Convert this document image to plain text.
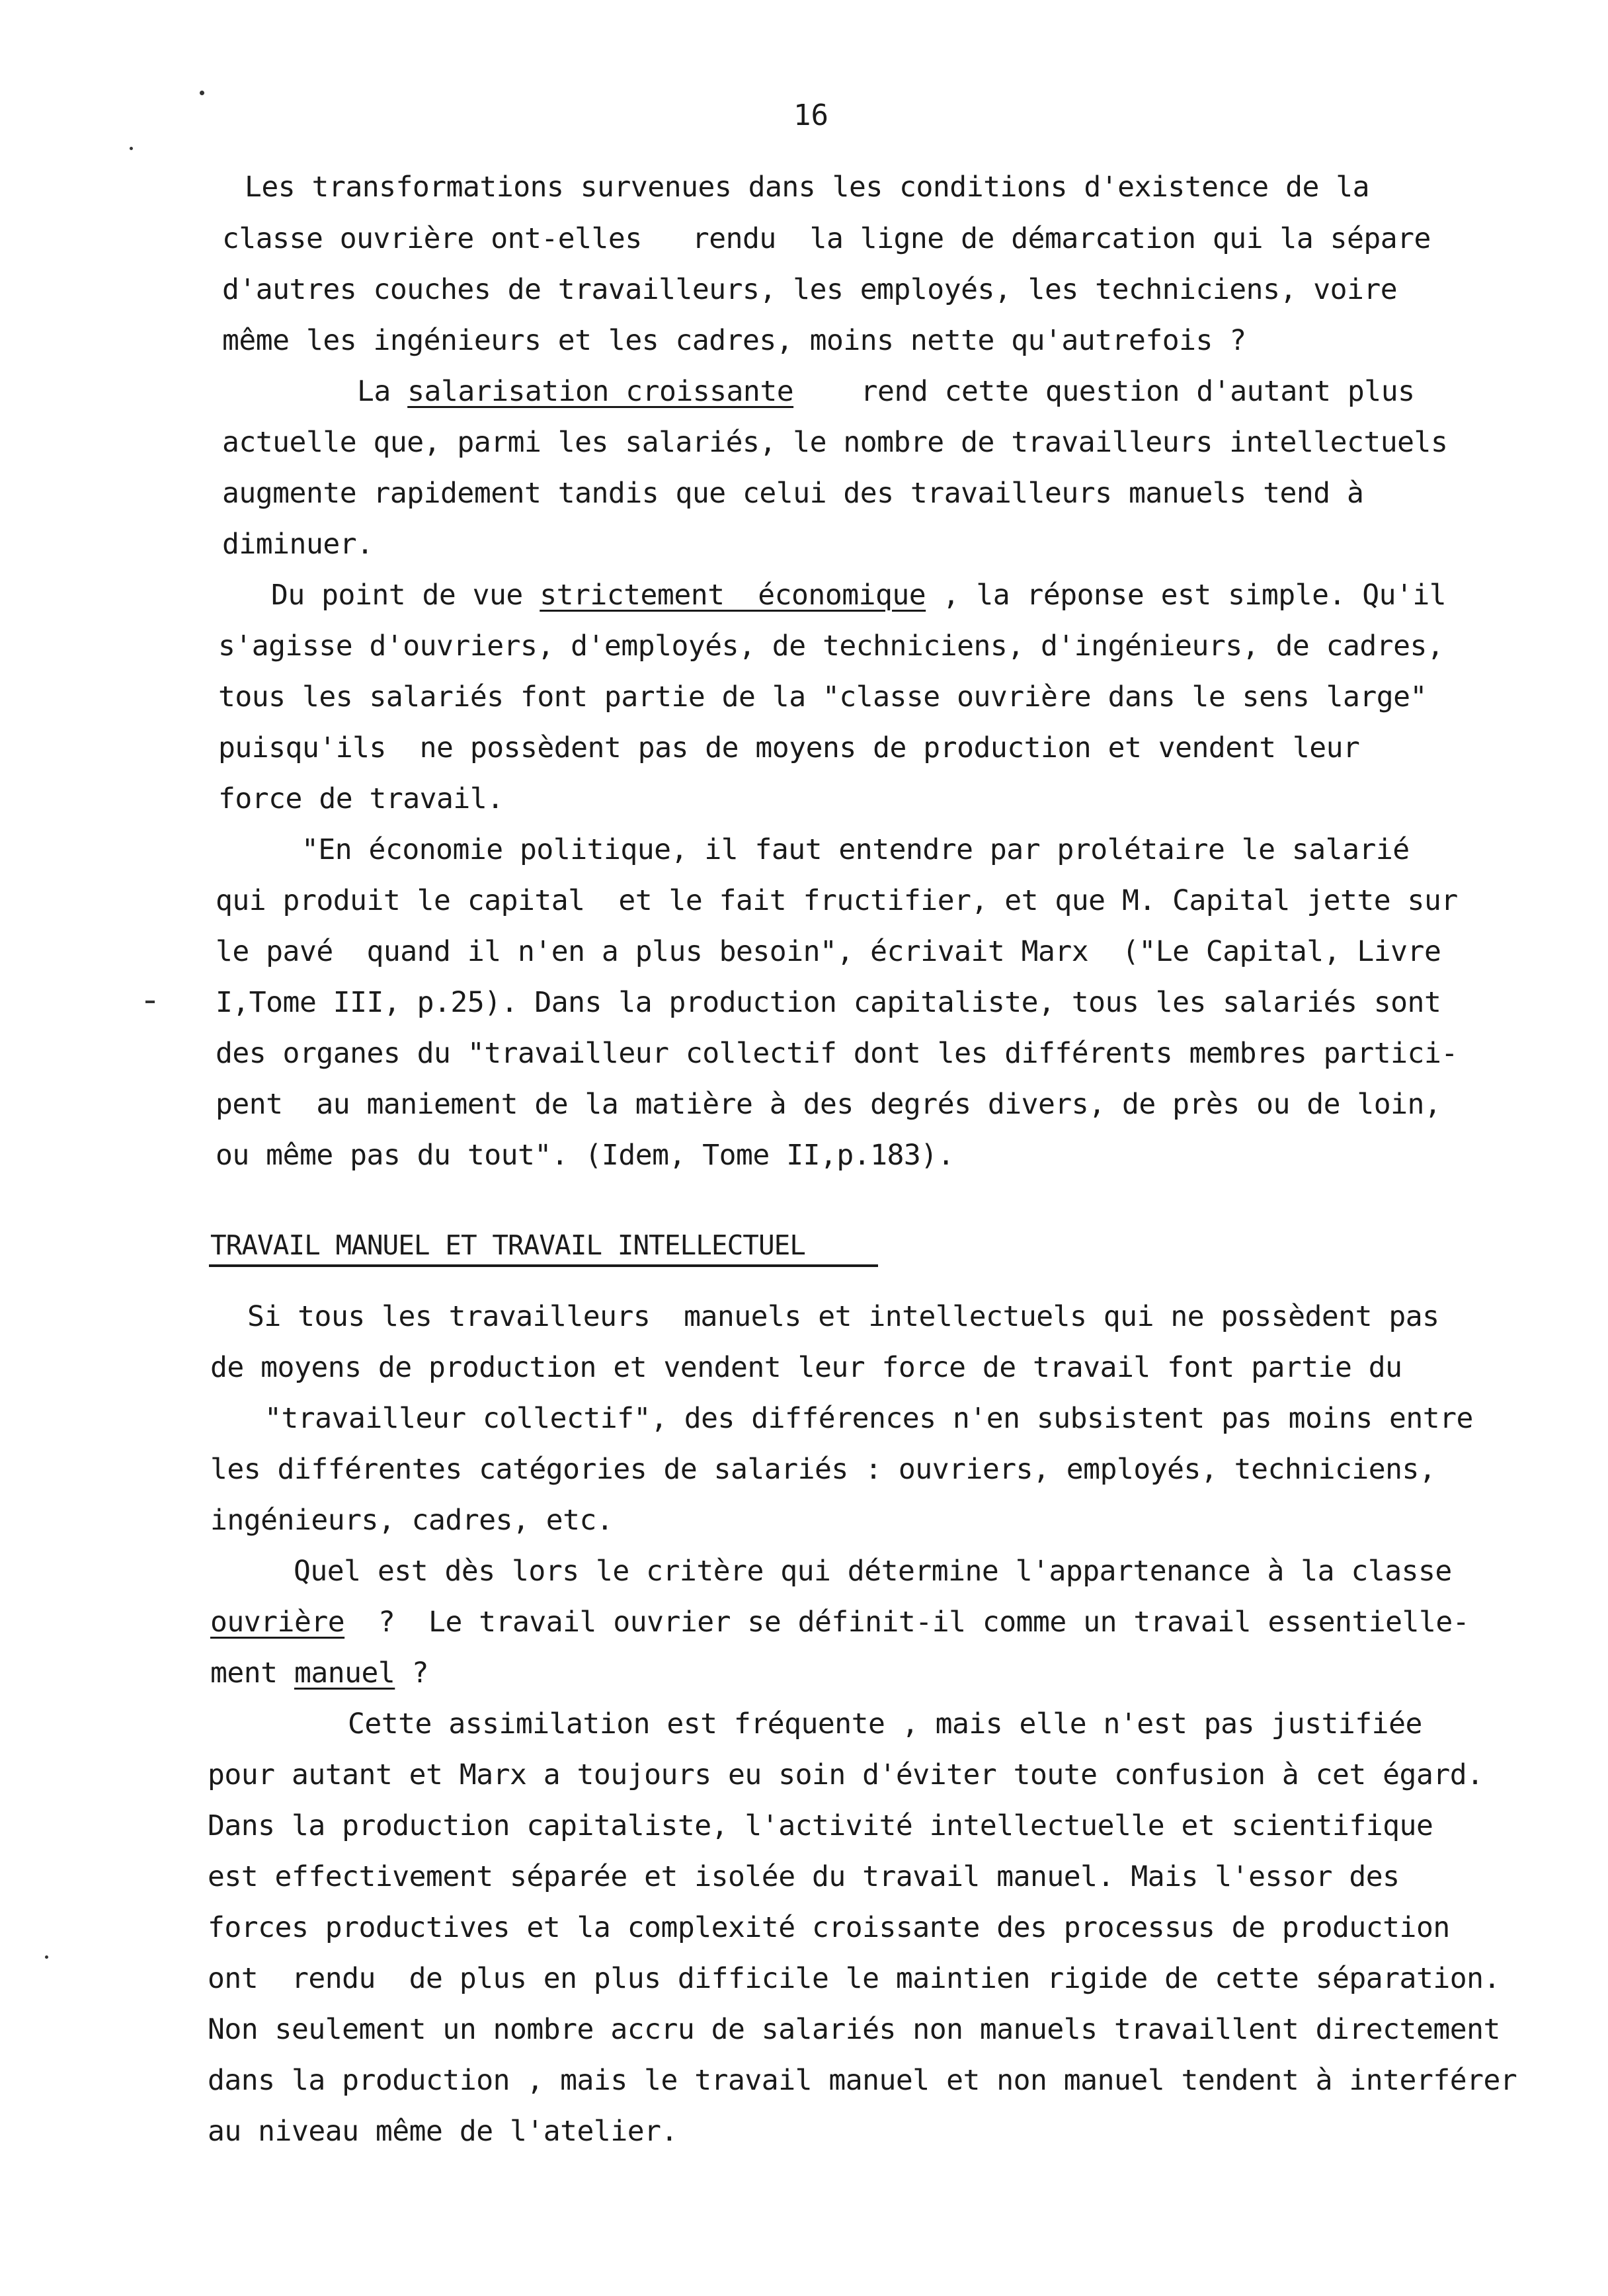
16
Les transformations survenues dans les conditions d'existence de la
classe ouvrière ont-elles   rendu  la ligne de démarcation qui la sépare
d'autres couches de travailleurs, les employés, les techniciens, voire
même les ingénieurs et les cadres, moins nette qu'autrefois ?
La salarisation croissante    rend cette question d'autant plus
actuelle que, parmi les salariés, le nombre de travailleurs intellectuels
augmente rapidement tandis que celui des travailleurs manuels tend à
diminuer.
Du point de vue strictement  économique , la réponse est simple. Qu'il
s'agisse d'ouvriers, d'employés, de techniciens, d'ingénieurs, de cadres,
tous les salariés font partie de la "classe ouvrière dans le sens large"
puisqu'ils  ne possèdent pas de moyens de production et vendent leur
force de travail.
"En économie politique, il faut entendre par prolétaire le salarié
qui produit le capital  et le fait fructifier, et que M. Capital jette sur
le pavé  quand il n'en a plus besoin", écrivait Marx  ("Le Capital, Livre
I,Tome III, p.25). Dans la production capitaliste, tous les salariés sont
des organes du "travailleur collectif dont les différents membres partici-
pent  au maniement de la matière à des degrés divers, de près ou de loin,
ou même pas du tout". (Idem, Tome II,p.183).
TRAVAIL MANUEL ET TRAVAIL INTELLECTUEL
Si tous les travailleurs  manuels et intellectuels qui ne possèdent pas
de moyens de production et vendent leur force de travail font partie du
"travailleur collectif", des différences n'en subsistent pas moins entre
les différentes catégories de salariés : ouvriers, employés, techniciens,
ingénieurs, cadres, etc.
Quel est dès lors le critère qui détermine l'appartenance à la classe
ouvrière  ?  Le travail ouvrier se définit-il comme un travail essentielle-
ment manuel ?
Cette assimilation est fréquente , mais elle n'est pas justifiée
pour autant et Marx a toujours eu soin d'éviter toute confusion à cet égard.
Dans la production capitaliste, l'activité intellectuelle et scientifique
est effectivement séparée et isolée du travail manuel. Mais l'essor des
forces productives et la complexité croissante des processus de production
ont  rendu  de plus en plus difficile le maintien rigide de cette séparation.
Non seulement un nombre accru de salariés non manuels travaillent directement
dans la production , mais le travail manuel et non manuel tendent à interférer
au niveau même de l'atelier.
